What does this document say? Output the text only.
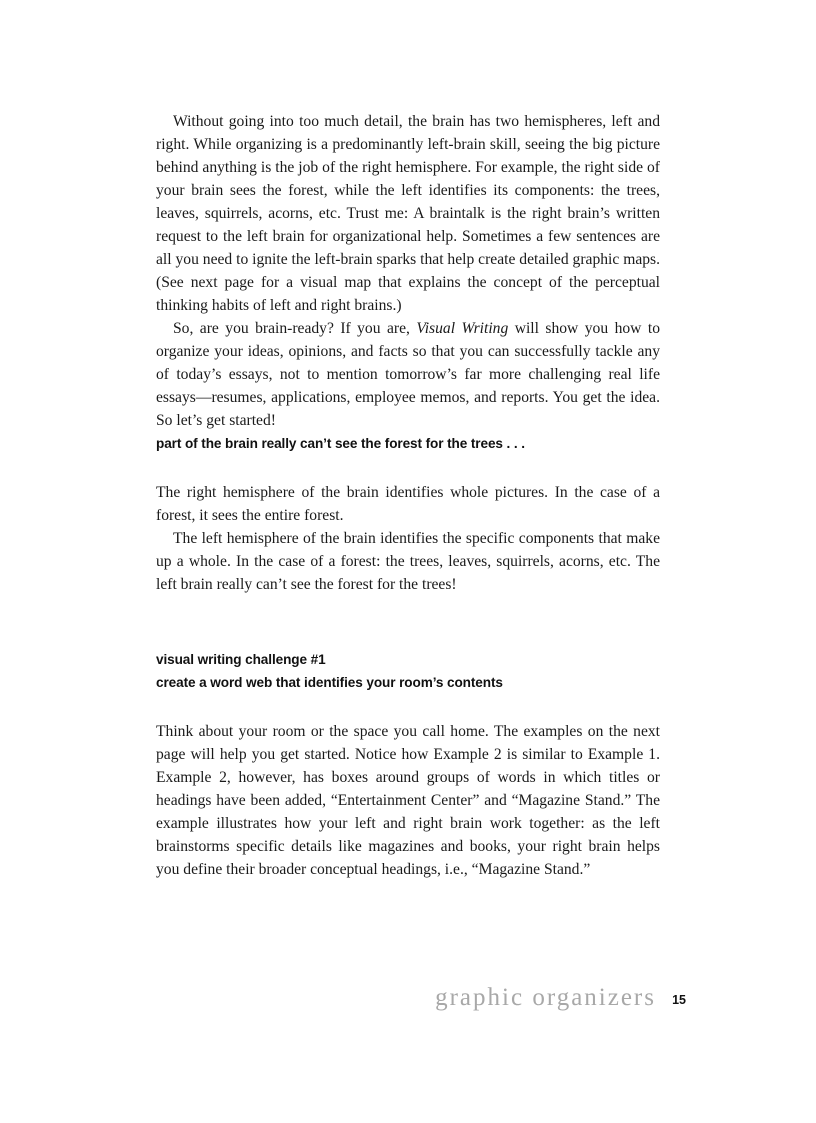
Without going into too much detail, the brain has two hemispheres, left and right. While organizing is a predominantly left-brain skill, seeing the big picture behind anything is the job of the right hemisphere. For example, the right side of your brain sees the forest, while the left identifies its components: the trees, leaves, squirrels, acorns, etc. Trust me: A braintalk is the right brain’s written request to the left brain for organizational help. Sometimes a few sentences are all you need to ignite the left-brain sparks that help create detailed graphic maps. (See next page for a visual map that explains the concept of the perceptual thinking habits of left and right brains.)

So, are you brain-ready? If you are, Visual Writing will show you how to organize your ideas, opinions, and facts so that you can successfully tackle any of today’s essays, not to mention tomorrow’s far more challenging real life essays—resumes, applications, employee memos, and reports. You get the idea. So let’s get started!

part of the brain really can’t see the forest for the trees . . .

The right hemisphere of the brain identifies whole pictures. In the case of a forest, it sees the entire forest.

The left hemisphere of the brain identifies the specific components that make up a whole. In the case of a forest: the trees, leaves, squirrels, acorns, etc. The left brain really can’t see the forest for the trees!

visual writing challenge #1
create a word web that identifies your room’s contents

Think about your room or the space you call home. The examples on the next page will help you get started. Notice how Example 2 is similar to Example 1. Example 2, however, has boxes around groups of words in which titles or headings have been added, “Entertainment Center” and “Magazine Stand.” The example illustrates how your left and right brain work together: as the left brainstorms specific details like magazines and books, your right brain helps you define their broader conceptual headings, i.e., “Magazine Stand.”

graphic organizers 15
